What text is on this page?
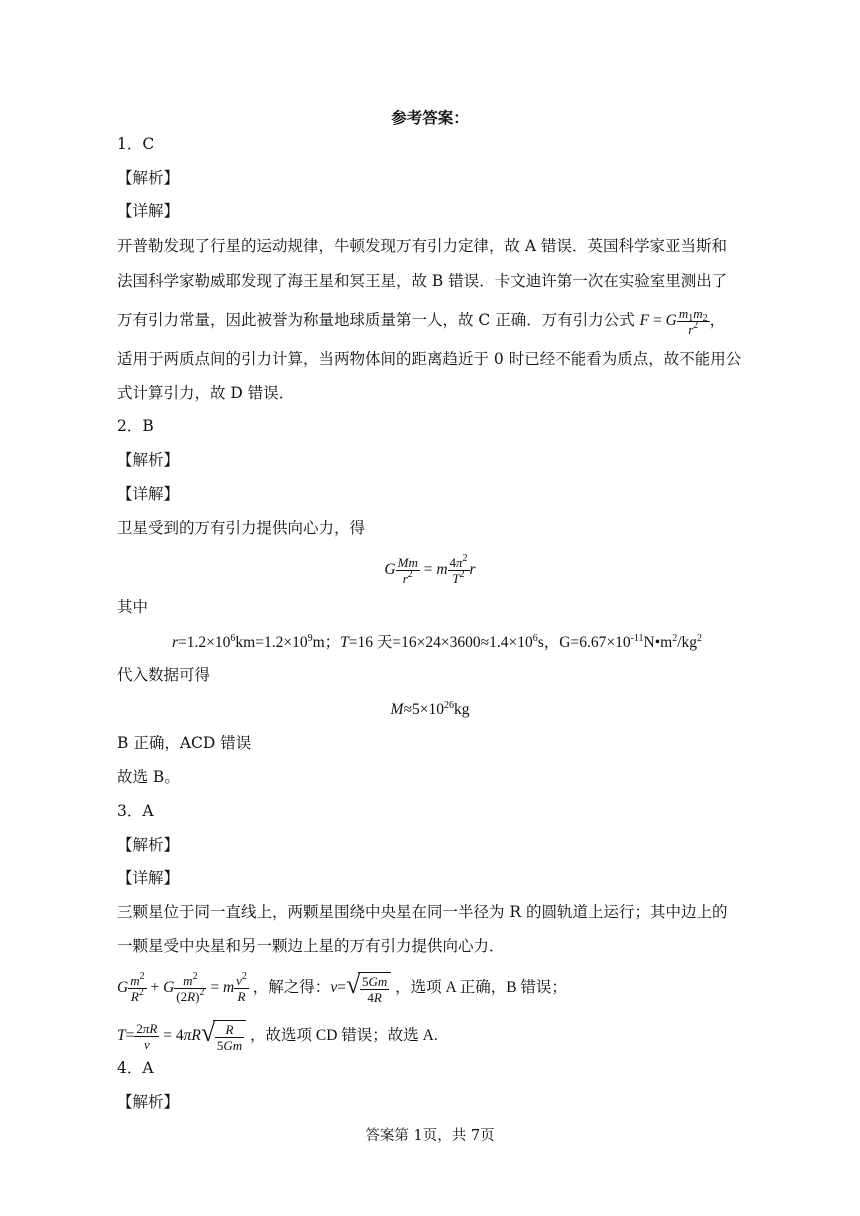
参考答案：
1．C
【解析】
【详解】
开普勒发现了行星的运动规律，牛顿发现万有引力定律，故 A 错误．英国科学家亚当斯和
法国科学家勒威耶发现了海王星和冥王星，故 B 错误．卡文迪许第一次在实验室里测出了
万有引力常量，因此被誉为称量地球质量第一人，故 C 正确．万有引力公式 F = G $\frac{m_1m_2}{r^2}$ ，
适用于两质点间的引力计算，当两物体间的距离趋近于 0 时已经不能看为质点，故不能用公
式计算引力，故 D 错误．
2．B
【解析】
【详解】
卫星受到的万有引力提供向心力，得
G $\frac{Mm}{r^2} = m \frac{4\pi^2}{T^2}$ r
其中
$r=1.2\times 10^6km=1.2\times 10^9m$；T=16 天$=16\times 24\times 3600\approx 1.4\times 10^6s$，$G=6.67\times 10^{-11}N•m^2/kg^2$
代入数据可得
$M\approx 5\times 10^{26}kg$
B 正确，ACD 错误
故选 B。
3．A
【解析】
【详解】
三颗星位于同一直线上，两颗星围绕中央星在同一半径为 R 的圆轨道上运行；其中边上的
一颗星受中央星和另一颗边上星的万有引力提供向心力．
G $\frac{m^2}{R^2} + G \frac{m^2}{(2R)^2} = m \frac{v^2}{R}$ ，解之得：v= √ $\frac{5Gm}{4R}$ ，选项 A 正确，B 错误；
$T= \frac{2\pi R}{v} = 4\pi R$ √ $\frac{R}{5Gm}$ ，故选项 CD 错误；故选 A.
4．A
【解析】
答案第 1页，共 7页
